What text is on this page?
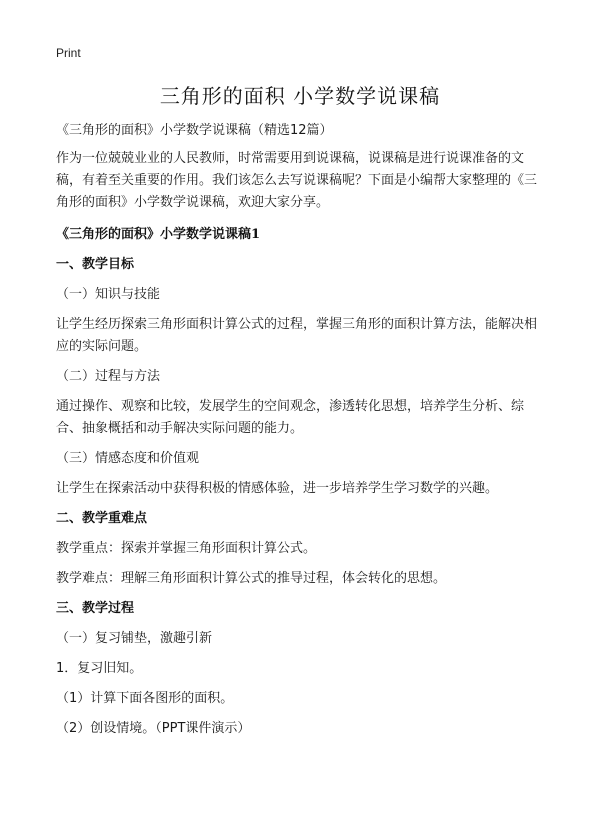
Print
三角形的面积 小学数学说课稿

《三角形的面积》小学数学说课稿（精选12篇）

作为一位兢兢业业的人民教师，时常需要用到说课稿，说课稿是进行说课准备的文稿，有着至关重要的作用。我们该怎么去写说课稿呢？下面是小编帮大家整理的《三角形的面积》小学数学说课稿，欢迎大家分享。

《三角形的面积》小学数学说课稿1

一、教学目标

（一）知识与技能

让学生经历探索三角形面积计算公式的过程，掌握三角形的面积计算方法，能解决相应的实际问题。

（二）过程与方法

通过操作、观察和比较，发展学生的空间观念，渗透转化思想，培养学生分析、综合、抽象概括和动手解决实际问题的能力。

（三）情感态度和价值观

让学生在探索活动中获得积极的情感体验，进一步培养学生学习数学的兴趣。

二、教学重难点

教学重点：探索并掌握三角形面积计算公式。

教学难点：理解三角形面积计算公式的推导过程，体会转化的思想。

三、教学过程

（一）复习铺垫，激趣引新

1．复习旧知。

（1）计算下面各图形的面积。

（2）创设情境。（PPT课件演示）
